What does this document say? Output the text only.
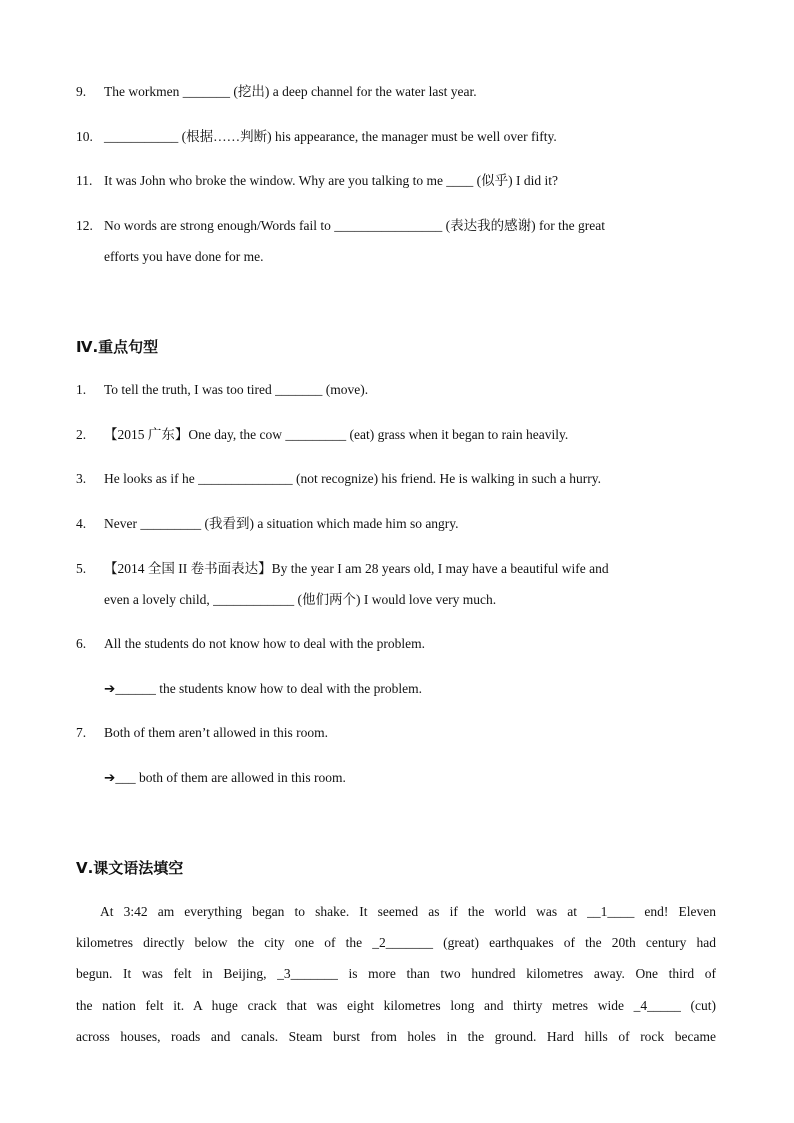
9. The workmen _______ (挖出) a deep channel for the water last year.
10. ___________ (根据……判断) his appearance, the manager must be well over fifty.
11. It was John who broke the window. Why are you talking to me ____ (似乎) I did it?
12. No words are strong enough/Words fail to ________________ (表达我的感谢) for the great
efforts you have done for me.
Ⅳ.重点句型
1. To tell the truth, I was too tired _______ (move).
2. 【2015 广东】One day, the cow _________ (eat) grass when it began to rain heavily.
3. He looks as if he ______________ (not recognize) his friend. He is walking in such a hurry.
4. Never _________ (我看到) a situation which made him so angry.
5. 【2014 全国 II 卷书面表达】By the year I am 28 years old, I may have a beautiful wife and
even a lovely child, ____________ (他们两个) I would love very much.
6. All the students do not know how to deal with the problem.
➔______ the students know how to deal with the problem.
7. Both of them aren’t allowed in this room.
➔___ both of them are allowed in this room.
Ⅴ.课文语法填空
At 3:42 am everything began to shake. It seemed as if the world was at __1____ end! Eleven
kilometres directly below the city one of the _2_______ (great) earthquakes of the 20th century had
begun. It was felt in Beijing, _3_______ is more than two hundred kilometres away. One third of
the nation felt it. A huge crack that was eight kilometres long and thirty metres wide _4_____ (cut)
across houses, roads and canals. Steam burst from holes in the ground. Hard hills of rock became
